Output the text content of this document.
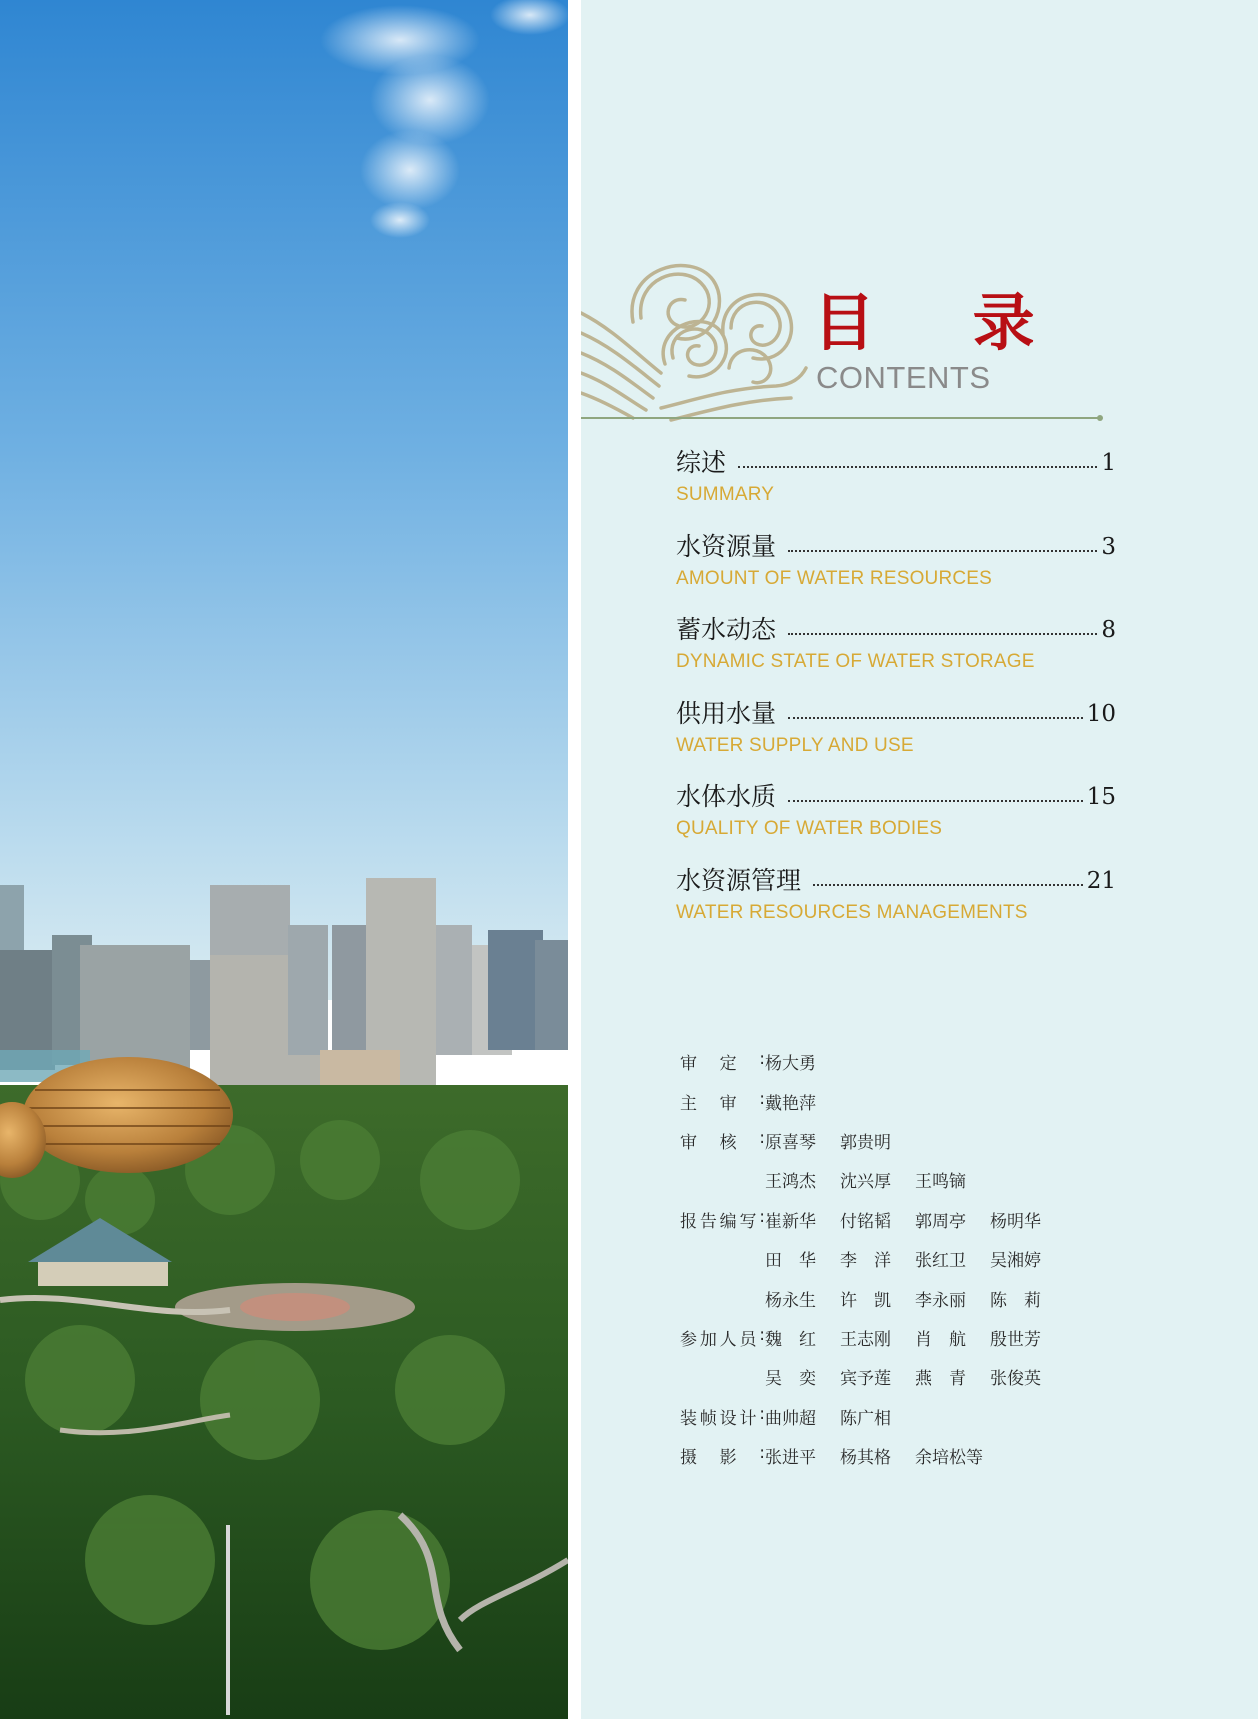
目 录
CONTENTS
综述	1
SUMMARY
水资源量	3
AMOUNT OF WATER RESOURCES
蓄水动态	8
DYNAMIC STATE OF WATER STORAGE
供用水量	10
WATER SUPPLY AND USE
水体水质	15
QUALITY OF WATER BODIES
水资源管理	21
WATER RESOURCES MANAGEMENTS
审 定 : 杨大勇
主 审 : 戴艳萍
审 核 : 原喜琴	郭贵明
王鸿杰	沈兴厚	王鸣镝
报 告 编 写 : 崔新华	付铭韬	郭周亭	杨明华
田　华	李　洋	张红卫	吴湘婷
杨永生	许　凯	李永丽	陈　莉
参 加 人 员 : 魏　红	王志刚	肖　航	殷世芳
吴　奕	宾予莲	燕　青	张俊英
装 帧 设 计 : 曲帅超	陈广相
摄 影 : 张进平	杨其格	余培松等
